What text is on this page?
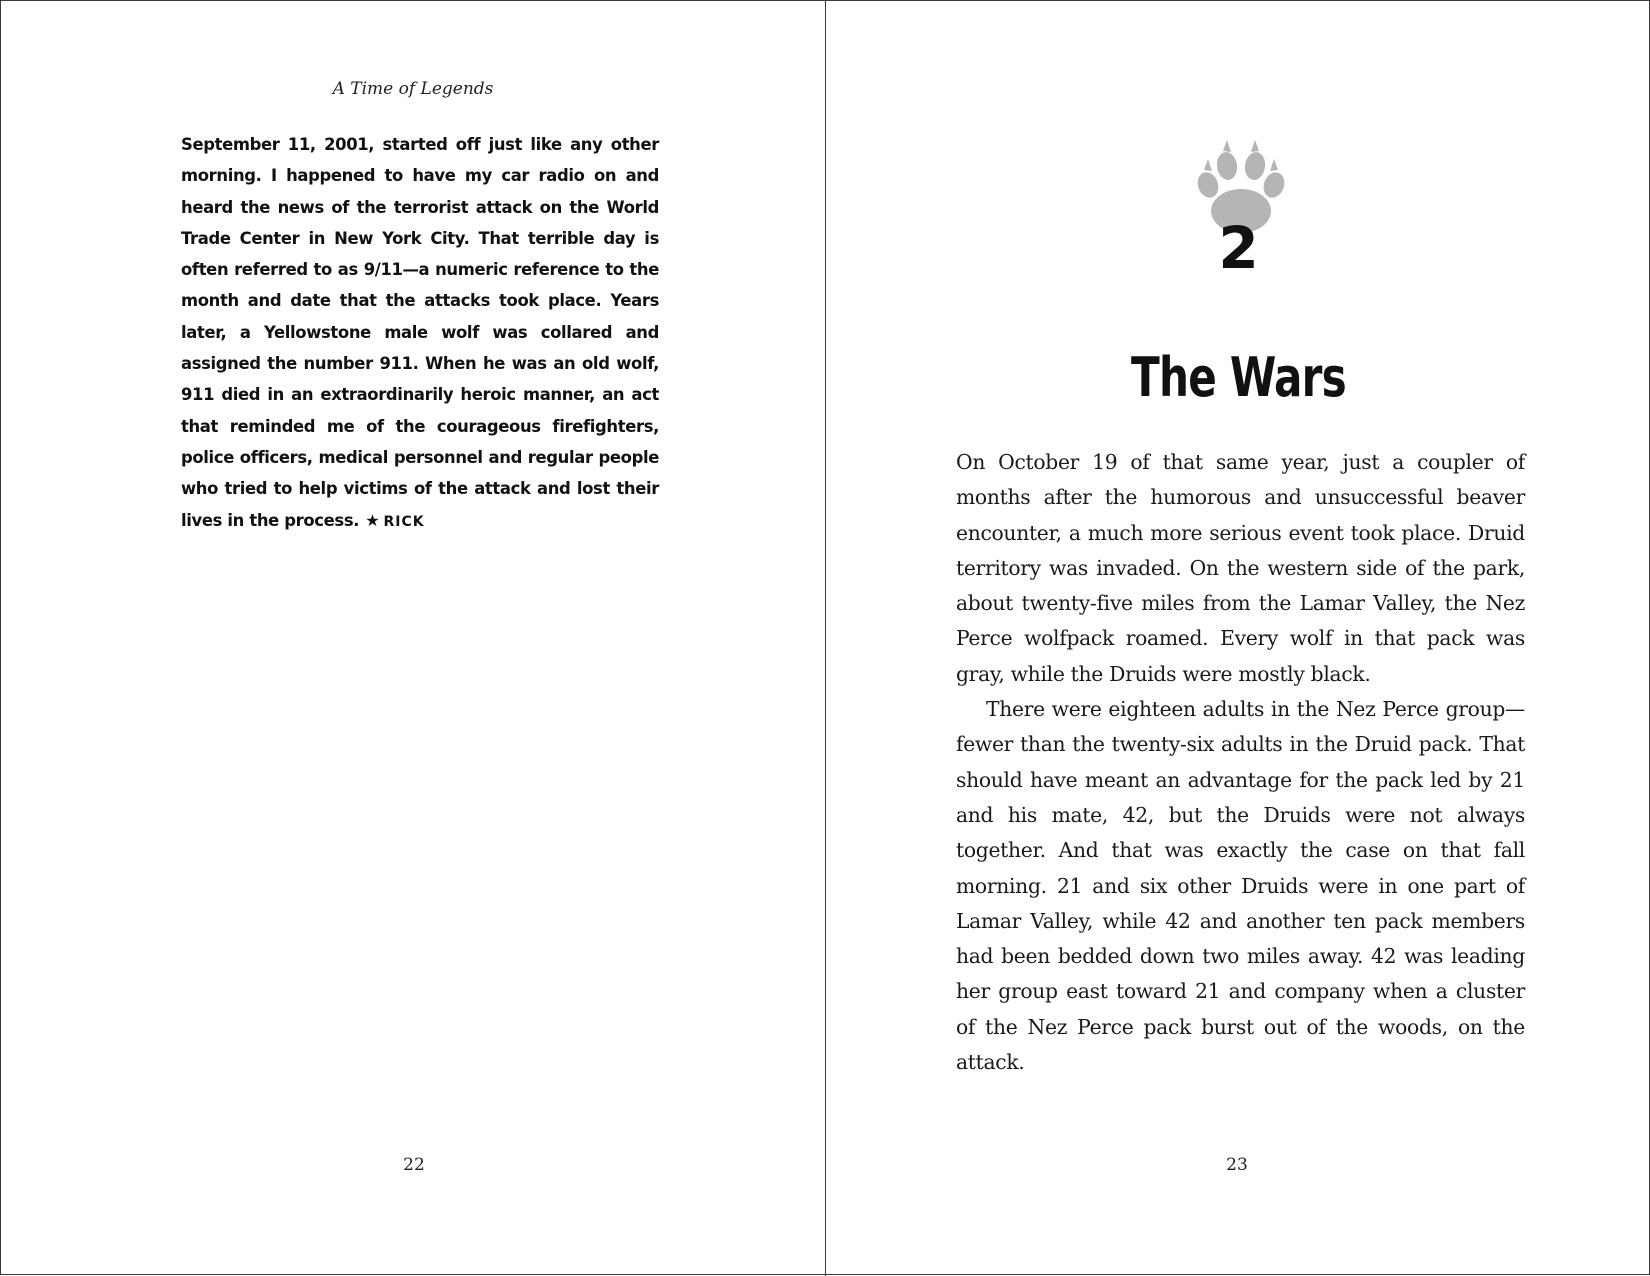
A Time of Legends
September 11, 2001, started off just like any other morning. I happened to have my car radio on and heard the news of the terrorist attack on the World Trade Center in New York City. That terrible day is often referred to as 9/11—a numeric reference to the month and date that the attacks took place. Years later, a Yellowstone male wolf was collared and assigned the number 911. When he was an old wolf, 911 died in an extraordinarily heroic manner, an act that reminded me of the courageous firefighters, police officers, medical personnel and regular people who tried to help victims of the attack and lost their lives in the process. ★ RICK
22
2
The Wars

On October 19 of that same year, just a coupler of months after the humorous and unsuccessful beaver encounter, a much more serious event took place. Druid territory was invaded. On the western side of the park, about twenty-five miles from the Lamar Valley, the Nez Perce wolfpack roamed. Every wolf in that pack was gray, while the Druids were mostly black.

There were eighteen adults in the Nez Perce group—fewer than the twenty-six adults in the Druid pack. That should have meant an advantage for the pack led by 21 and his mate, 42, but the Druids were not always together. And that was exactly the case on that fall morning. 21 and six other Druids were in one part of Lamar Valley, while 42 and another ten pack members had been bedded down two miles away. 42 was leading her group east toward 21 and company when a cluster of the Nez Perce pack burst out of the woods, on the attack.

23
